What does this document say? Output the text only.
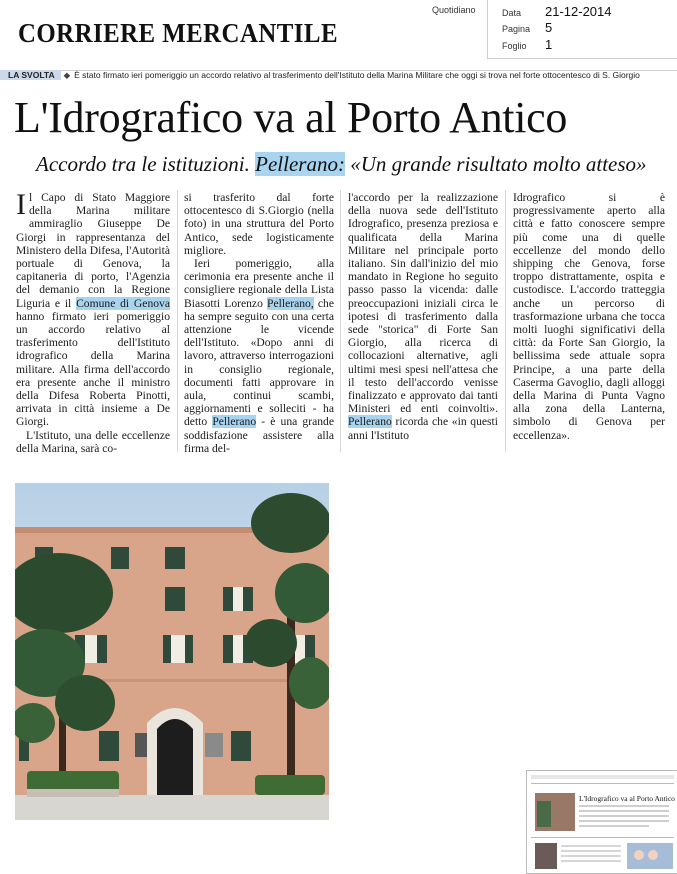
CORRIERE MERCANTILE
Quotidiano	Data 21-12-2014
Pagina 5
Foglio 1
LA SVOLTA ◆ È stato firmato ieri pomeriggio un accordo relativo al trasferimento dell'Istituto della Marina Militare che oggi si trova nel forte ottocentesco di S. Giorgio
L'Idrografico va al Porto Antico
Accordo tra le istituzioni. Pellerano: «Un grande risultato molto atteso»

Il Capo di Stato Maggiore della Marina militare ammiraglio Giuseppe De Giorgi in rappresentanza del Ministero della Difesa, l'Autorità portuale di Genova, la capitaneria di porto, l'Agenzia del demanio con la Regione Liguria e il Comune di Genova hanno firmato ieri pomeriggio un accordo relativo al trasferimento dell'Istituto idrografico della Marina militare. Alla firma dell'accordo era presente anche il ministro della Difesa Roberta Pinotti, arrivata in città insieme a De Giorgi.

L'Istituto, una delle eccellenze della Marina, sarà co-

si trasferito dal forte ottocentesco di S.Giorgio (nella foto) in una struttura del Porto Antico, sede logisticamente migliore.

Ieri pomeriggio, alla cerimonia era presente anche il consigliere regionale della Lista Biasotti Lorenzo Pellerano, che ha sempre seguito con una certa attenzione le vicende dell'Istituto. «Dopo anni di lavoro, attraverso interrogazioni in consiglio regionale, documenti fatti approvare in aula, continui scambi, aggiornamenti e solleciti - ha detto Pellerano - è una grande soddisfazione assistere alla firma del-

l'accordo per la realizzazione della nuova sede dell'Istituto Idrografico, presenza preziosa e qualificata della Marina Militare nel principale porto italiano. Sin dall'inizio del mio mandato in Regione ho seguito passo passo la vicenda: dalle preoccupazioni iniziali circa le ipotesi di trasferimento dalla sede "storica" di Forte San Giorgio, alla ricerca di collocazioni alternative, agli ultimi mesi spesi nell'attesa che il testo dell'accordo venisse finalizzato e approvato dai tanti Ministeri ed enti coinvolti». Pellerano ricorda che «in questi anni l'Istituto

Idrografico si è progressivamente aperto alla città e fatto conoscere sempre più come una di quelle eccellenze del mondo dello shipping che Genova, forse troppo distrattamente, ospita e custodisce. L'accordo tratteggia anche un percorso di trasformazione urbana che tocca molti luoghi significativi della città: da Forte San Giorgio, la bellissima sede attuale sopra Principe, a una parte della Caserma Gavoglio, dagli alloggi della Marina di Punta Vagno alla zona della Lanterna, simbolo di Genova per eccellenza».

L'Idrografico va al Porto Antico
